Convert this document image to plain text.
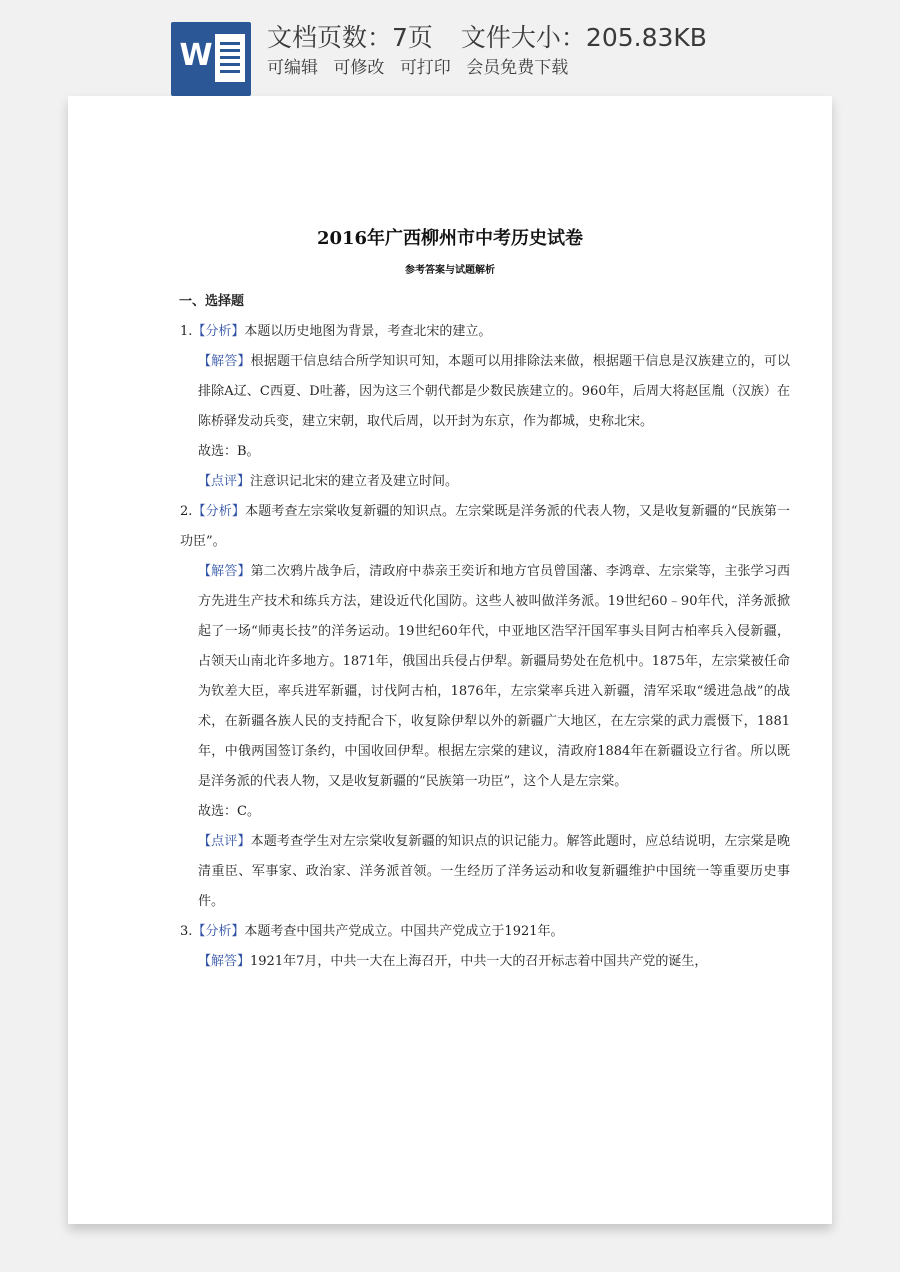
W
文档页数：7页 文件大小：205.83KB
可编辑 可修改 可打印 会员免费下载
2016年广西柳州市中考历史试卷
参考答案与试题解析
一、选择题

1.【分析】本题以历史地图为背景，考查北宋的建立。

【解答】根据题干信息结合所学知识可知，本题可以用排除法来做，根据题干信息是汉族建立的，可以排除A辽、C西夏、D吐蕃，因为这三个朝代都是少数民族建立的。960年，后周大将赵匡胤（汉族）在陈桥驿发动兵变，建立宋朝，取代后周，以开封为东京，作为都城，史称北宋。

故选：B。

【点评】注意识记北宋的建立者及建立时间。

2.【分析】本题考查左宗棠收复新疆的知识点。左宗棠既是洋务派的代表人物，又是收复新疆的“民族第一功臣”。

【解答】第二次鸦片战争后，清政府中恭亲王奕䜣和地方官员曾国藩、李鸿章、左宗棠等，主张学习西方先进生产技术和练兵方法，建设近代化国防。这些人被叫做洋务派。19世纪60﹣90年代，洋务派掀起了一场“师夷长技”的洋务运动。19世纪60年代，中亚地区浩罕汗国军事头目阿古柏率兵入侵新疆，占领天山南北许多地方。1871年，俄国出兵侵占伊犁。新疆局势处在危机中。1875年，左宗棠被任命为钦差大臣，率兵进军新疆，讨伐阿古柏，1876年，左宗棠率兵进入新疆，清军采取“缓进急战”的战术，在新疆各族人民的支持配合下，收复除伊犁以外的新疆广大地区，在左宗棠的武力震慑下，1881年，中俄两国签订条约，中国收回伊犁。根据左宗棠的建议，清政府1884年在新疆设立行省。所以既是洋务派的代表人物，又是收复新疆的“民族第一功臣”，这个人是左宗棠。

故选：C。

【点评】本题考查学生对左宗棠收复新疆的知识点的识记能力。解答此题时，应总结说明，左宗棠是晚清重臣、军事家、政治家、洋务派首领。一生经历了洋务运动和收复新疆维护中国统一等重要历史事件。

3.【分析】本题考查中国共产党成立。中国共产党成立于1921年。

【解答】1921年7月，中共一大在上海召开，中共一大的召开标志着中国共产党的诞生，
